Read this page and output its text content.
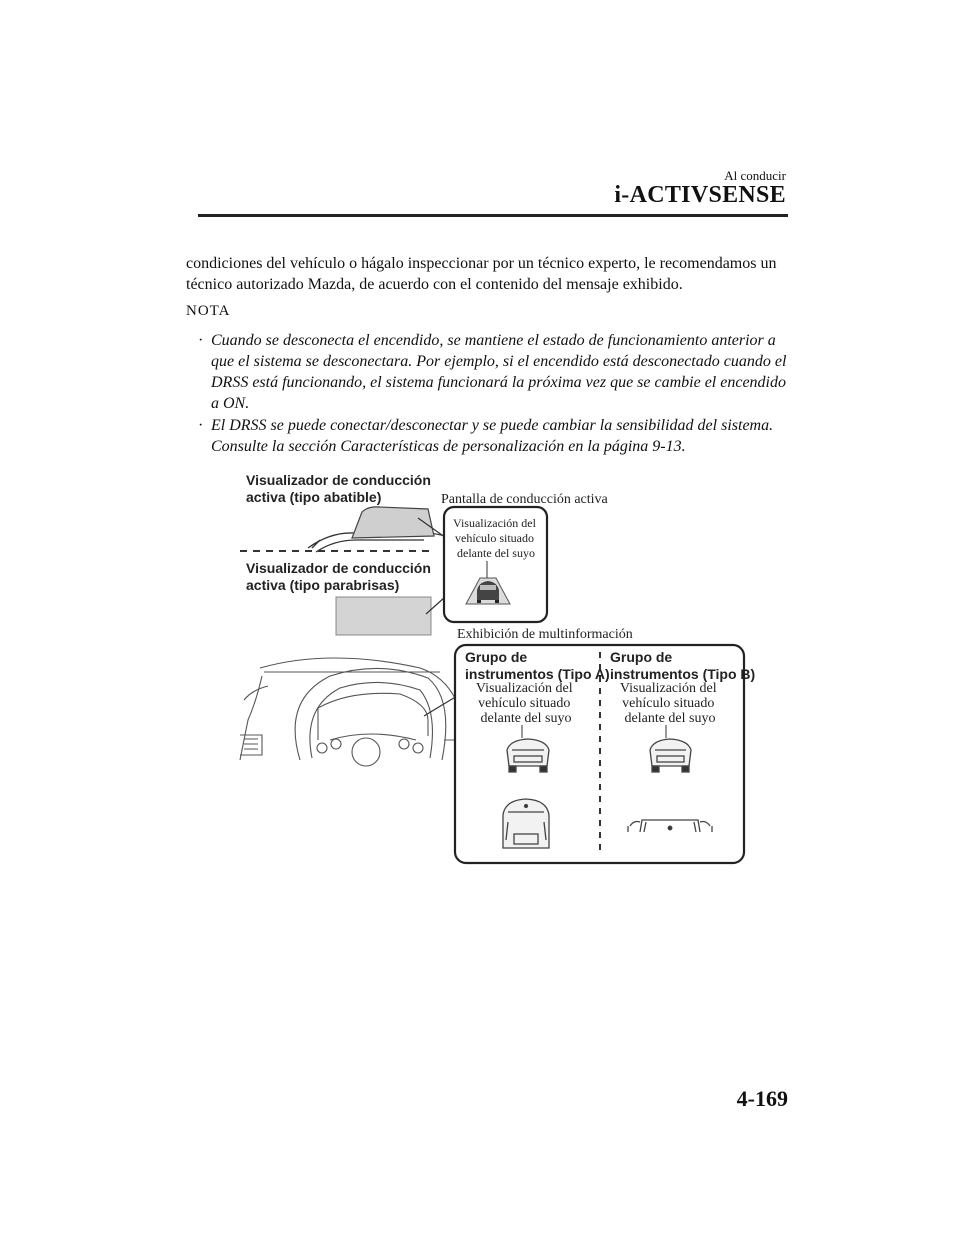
Al conducir
i-ACTIVSENSE

condiciones del vehículo o hágalo inspeccionar por un técnico experto, le recomendamos un

técnico autorizado Mazda, de acuerdo con el contenido del mensaje exhibido.

NOTA
· Cuando se desconecta el encendido, se mantiene el estado de funcionamiento anterior a
que el sistema se desconectara. Por ejemplo, si el encendido está desconectado cuando el
DRSS está funcionando, el sistema funcionará la próxima vez que se cambie el encendido
a ON.
· El DRSS se puede conectar/desconectar y se puede cambiar la sensibilidad del sistema.
Consulte la sección Características de personalización en la página 9-13.
Visualizador de conducción activa (tipo abatible)	Pantalla de conducción activa
Visualizador de conducción activa (tipo parabrisas)
Visualización del vehículo situado delante del suyo
Exhibición de multinformación
Grupo de instrumentos (Tipo A)
Visualización del vehículo situado delante del suyo
Grupo de instrumentos (Tipo B)
Visualización del vehículo situado delante del suyo
4-169
